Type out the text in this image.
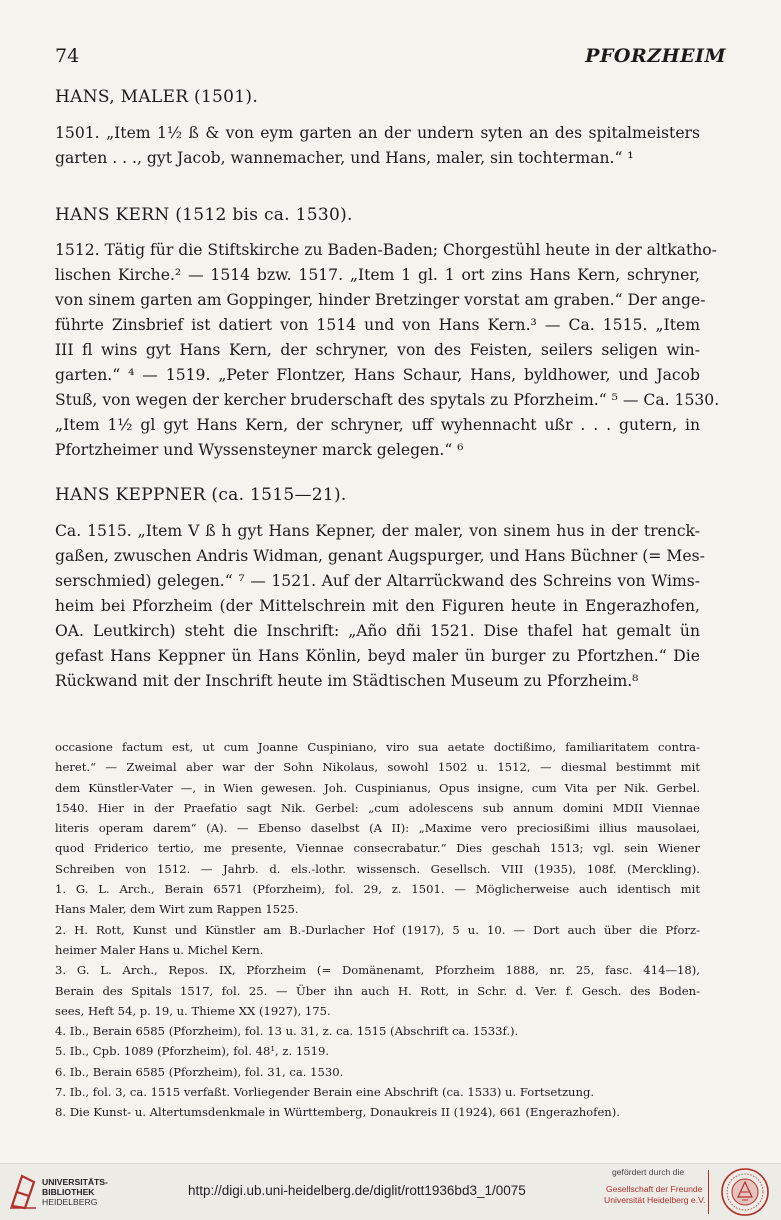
74	PFORZHEIM
HANS, MALER (1501).
1501. „Item 1½ ß & von eym garten an der undern syten an des spitalmeisters
garten . . ., gyt Jacob, wannemacher, und Hans, maler, sin tochterman.“ ¹
HANS KERN (1512 bis ca. 1530).
1512. Tätig für die Stiftskirche zu Baden-Baden; Chorgestühl heute in der altkatho-
lischen Kirche.² — 1514 bzw. 1517. „Item 1 gl. 1 ort zins Hans Kern, schryner,
von sinem garten am Goppinger, hinder Bretzinger vorstat am graben.“ Der ange-
führte Zinsbrief ist datiert von 1514 und von Hans Kern.³ — Ca. 1515. „Item
III fl wins gyt Hans Kern, der schryner, von des Feisten, seilers seligen win-
garten.“ ⁴ — 1519. „Peter Flontzer, Hans Schaur, Hans, byldhower, und Jacob
Stuß, von wegen der kercher bruderschaft des spytals zu Pforzheim.“ ⁵ — Ca. 1530.
„Item 1½ gl gyt Hans Kern, der schryner, uff wyhennacht ußr . . . gutern, in
Pfortzheimer und Wyssensteyner marck gelegen.“ ⁶
HANS KEPPNER (ca. 1515—21).
Ca. 1515. „Item V ß h gyt Hans Kepner, der maler, von sinem hus in der trenck-
gaßen, zwuschen Andris Widman, genant Augspurger, und Hans Büchner (= Mes-
serschmied) gelegen.“ ⁷ — 1521. Auf der Altarrückwand des Schreins von Wims-
heim bei Pforzheim (der Mittelschrein mit den Figuren heute in Engerazhofen,
OA. Leutkirch) steht die Inschrift: „Año dñi 1521. Dise thafel hat gemalt ün
gefast Hans Keppner ün Hans Könlin, beyd maler ün burger zu Pfortzhen.“ Die
Rückwand mit der Inschrift heute im Städtischen Museum zu Pforzheim.⁸
occasione factum est, ut cum Joanne Cuspiniano, viro sua aetate doctißimo, familiaritatem contra-
heret.“ — Zweimal aber war der Sohn Nikolaus, sowohl 1502 u. 1512, — diesmal bestimmt mit
dem Künstler-Vater —, in Wien gewesen. Joh. Cuspinianus, Opus insigne, cum Vita per Nik. Gerbel.
1540. Hier in der Praefatio sagt Nik. Gerbel: „cum adolescens sub annum domini MDII Viennae
literis operam darem“ (A). — Ebenso daselbst (A II): „Maxime vero preciosißimi illius mausolaei,
quod Friderico tertio, me presente, Viennae consecrabatur.“ Dies geschah 1513; vgl. sein Wiener
Schreiben von 1512. — Jahrb. d. els.-lothr. wissensch. Gesellsch. VIII (1935), 108f. (Merckling).
1. G. L. Arch., Berain 6571 (Pforzheim), fol. 29, z. 1501. — Möglicherweise auch identisch mit
Hans Maler, dem Wirt zum Rappen 1525.
2. H. Rott, Kunst und Künstler am B.-Durlacher Hof (1917), 5 u. 10. — Dort auch über die Pforz-
heimer Maler Hans u. Michel Kern.
3. G. L. Arch., Repos. IX, Pforzheim (= Domänenamt, Pforzheim 1888, nr. 25, fasc. 414—18),
Berain des Spitals 1517, fol. 25. — Über ihn auch H. Rott, in Schr. d. Ver. f. Gesch. des Boden-
sees, Heft 54, p. 19, u. Thieme XX (1927), 175.
4. Ib., Berain 6585 (Pforzheim), fol. 13 u. 31, z. ca. 1515 (Abschrift ca. 1533f.).
5. Ib., Cpb. 1089 (Pforzheim), fol. 48¹, z. 1519.
6. Ib., Berain 6585 (Pforzheim), fol. 31, ca. 1530.
7. Ib., fol. 3, ca. 1515 verfaßt. Vorliegender Berain eine Abschrift (ca. 1533) u. Fortsetzung.
8. Die Kunst- u. Altertumsdenkmale in Württemberg, Donaukreis II (1924), 661 (Engerazhofen).
UNIVERSITÄTS-
BIBLIOTHEK
HEIDELBERG
http://digi.ub.uni-heidelberg.de/diglit/rott1936bd3_1/0075
gefördert durch die
Gesellschaft der Freunde
Universität Heidelberg e.V.
